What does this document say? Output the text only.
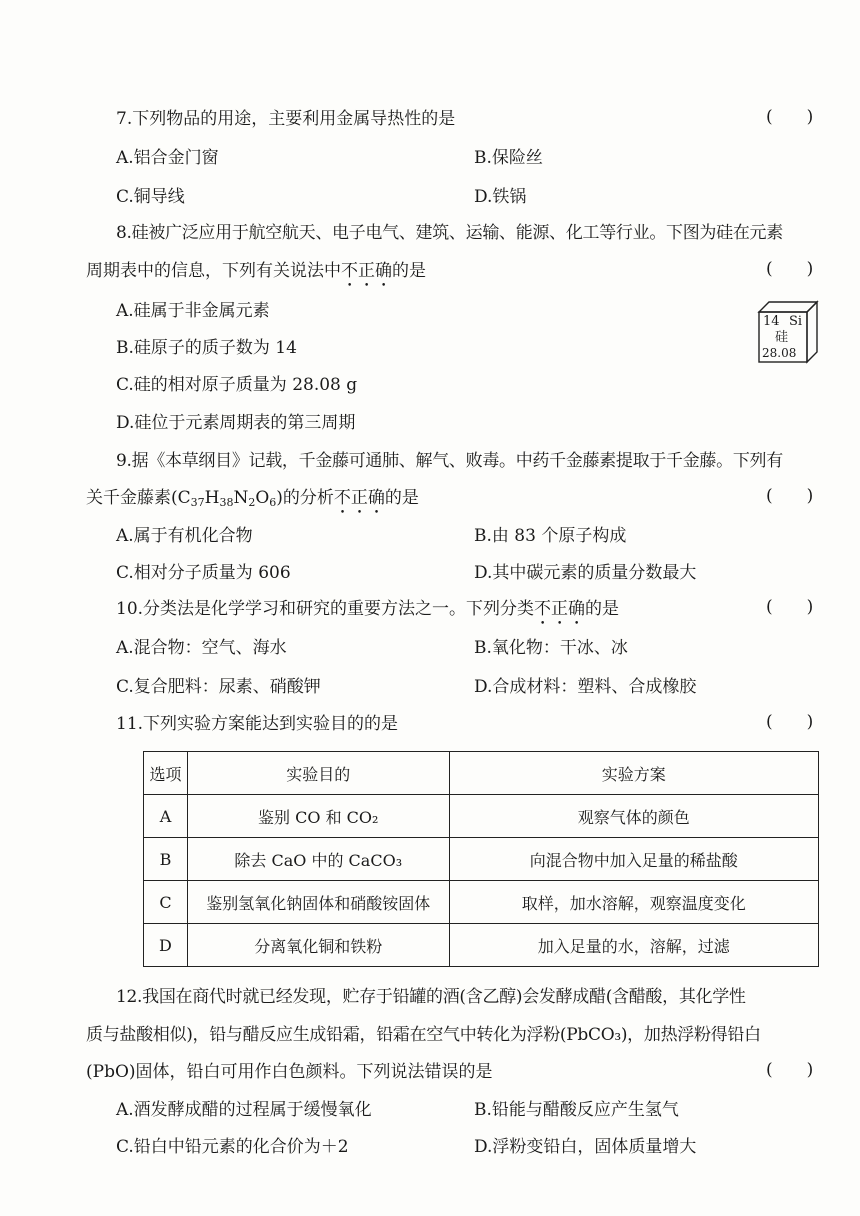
7.下列物品的用途，主要利用金属导热性的是	(　　)
A.铝合金门窗	B.保险丝
C.铜导线	D.铁锅
8.硅被广泛应用于航空航天、电子电气、建筑、运输、能源、化工等行业。下图为硅在元素
周期表中的信息，下列有关说法中不正确的是	(　　)
A.硅属于非金属元素
B.硅原子的质子数为 14
C.硅的相对原子质量为 28.08 g
D.硅位于元素周期表的第三周期
14 Si
硅
28.08
9.据《本草纲目》记载，千金藤可通肺、解气、败毒。中药千金藤素提取于千金藤。下列有
关千金藤素$(C_{37}H_{38}N_2O_6)$的分析不正确的是	(　　)
A.属于有机化合物	B.由 83 个原子构成
C.相对分子质量为 606	D.其中碳元素的质量分数最大
10.分类法是化学学习和研究的重要方法之一。下列分类不正确的是	(　　)
A.混合物：空气、海水	B.氧化物：干冰、冰
C.复合肥料：尿素、硝酸钾	D.合成材料：塑料、合成橡胶
11.下列实验方案能达到实验目的的是	(　　)
选项	实验目的	实验方案
A	鉴别 CO 和 CO₂	观察气体的颜色
B	除去 CaO 中的 CaCO₃	向混合物中加入足量的稀盐酸
C	鉴别氢氧化钠固体和硝酸铵固体	取样，加水溶解，观察温度变化
D	分离氧化铜和铁粉	加入足量的水，溶解，过滤
12.我国在商代时就已经发现，贮存于铅罐的酒(含乙醇)会发酵成醋(含醋酸，其化学性
质与盐酸相似)，铅与醋反应生成铅霜，铅霜在空气中转化为浮粉(PbCO₃)，加热浮粉得铅白
(PbO)固体，铅白可用作白色颜料。下列说法错误的是	(　　)
A.酒发酵成醋的过程属于缓慢氧化	B.铅能与醋酸反应产生氢气
C.铅白中铅元素的化合价为＋2	D.浮粉变铅白，固体质量增大
